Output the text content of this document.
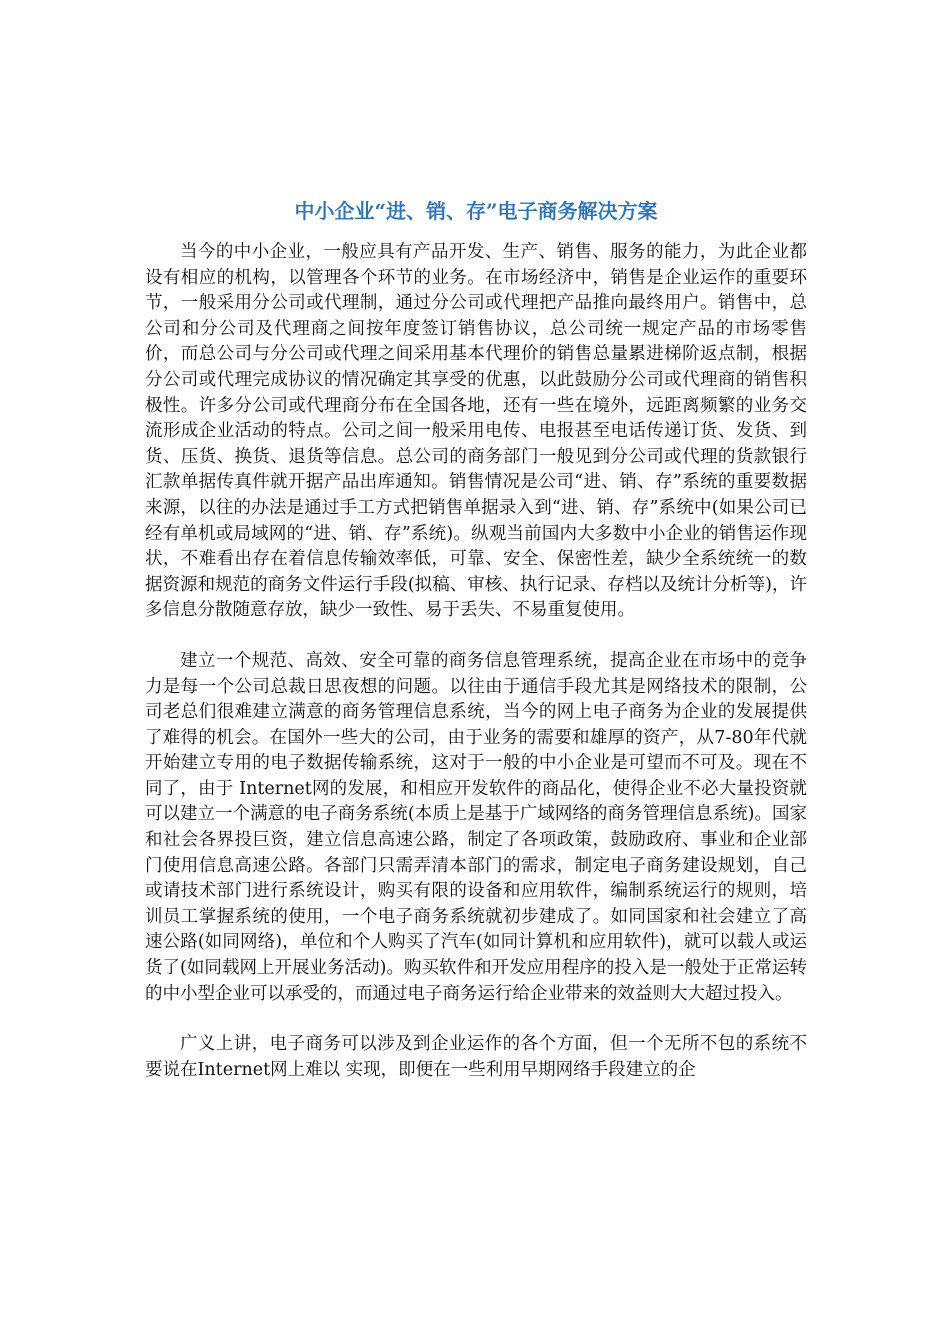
中小企业“进、销、存”电子商务解决方案

当今的中小企业，一般应具有产品开发、生产、销售、服务的能力，为此企业都设有相应的机构，以管理各个环节的业务。在市场经济中，销售是企业运作的重要环节，一般采用分公司或代理制，通过分公司或代理把产品推向最终用户。销售中，总公司和分公司及代理商之间按年度签订销售协议，总公司统一规定产品的市场零售价，而总公司与分公司或代理之间采用基本代理价的销售总量累进梯阶返点制，根据分公司或代理完成协议的情况确定其享受的优惠，以此鼓励分公司或代理商的销售积极性。许多分公司或代理商分布在全国各地，还有一些在境外，远距离频繁的业务交流形成企业活动的特点。公司之间一般采用电传、电报甚至电话传递订货、发货、到货、压货、换货、退货等信息。总公司的商务部门一般见到分公司或代理的货款银行汇款单据传真件就开据产品出库通知。销售情况是公司“进、销、存”系统的重要数据来源，以往的办法是通过手工方式把销售单据录入到“进、销、存”系统中(如果公司已经有单机或局域网的“进、销、存”系统)。纵观当前国内大多数中小企业的销售运作现状，不难看出存在着信息传输效率低，可靠、安全、保密性差，缺少全系统统一的数据资源和规范的商务文件运行手段(拟稿、审核、执行记录、存档以及统计分析等)，许多信息分散随意存放，缺少一致性、易于丢失、不易重复使用。

建立一个规范、高效、安全可靠的商务信息管理系统，提高企业在市场中的竞争力是每一个公司总裁日思夜想的问题。以往由于通信手段尤其是网络技术的限制，公司老总们很难建立满意的商务管理信息系统，当今的网上电子商务为企业的发展提供了难得的机会。在国外一些大的公司，由于业务的需要和雄厚的资产，从7-80年代就开始建立专用的电子数据传输系统，这对于一般的中小企业是可望而不可及。现在不同了，由于 Internet网的发展，和相应开发软件的商品化，使得企业不必大量投资就可以建立一个满意的电子商务系统(本质上是基于广域网络的商务管理信息系统)。国家和社会各界投巨资，建立信息高速公路，制定了各项政策，鼓励政府、事业和企业部门使用信息高速公路。各部门只需弄清本部门的需求，制定电子商务建设规划，自己或请技术部门进行系统设计，购买有限的设备和应用软件，编制系统运行的规则，培训员工掌握系统的使用，一个电子商务系统就初步建成了。如同国家和社会建立了高速公路(如同网络)，单位和个人购买了汽车(如同计算机和应用软件)，就可以载人或运货了(如同载网上开展业务活动)。购买软件和开发应用程序的投入是一般处于正常运转的中小型企业可以承受的，而通过电子商务运行给企业带来的效益则大大超过投入。

广义上讲，电子商务可以涉及到企业运作的各个方面，但一个无所不包的系统不要说在Internet网上难以 实现，即便在一些利用早期网络手段建立的企
